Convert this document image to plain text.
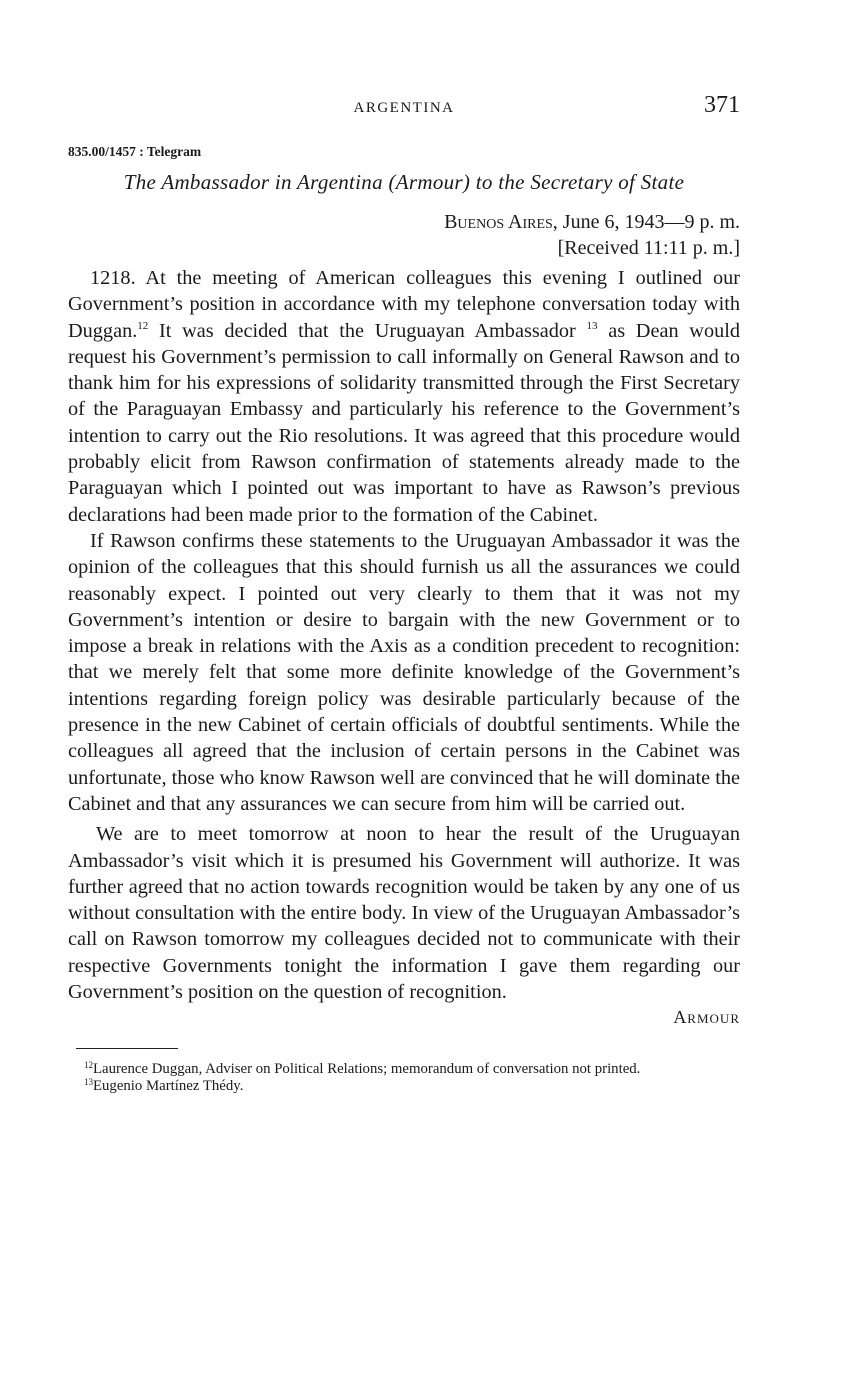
ARGENTINA	371
835.00/1457 : Telegram
The Ambassador in Argentina (Armour) to the Secretary of State
Buenos Aires, June 6, 1943—9 p. m.
[Received 11:11 p. m.]

1218. At the meeting of American colleagues this evening I outlined our Government’s position in accordance with my telephone conversation today with Duggan.$^{12}$ It was decided that the Uruguayan Ambassador $^{13}$ as Dean would request his Government’s permission to call informally on General Rawson and to thank him for his expressions of solidarity transmitted through the First Secretary of the Paraguayan Embassy and particularly his reference to the Government’s intention to carry out the Rio resolutions. It was agreed that this procedure would probably elicit from Rawson confirmation of statements already made to the Paraguayan which I pointed out was important to have as Rawson’s previous declarations had been made prior to the formation of the Cabinet.

If Rawson confirms these statements to the Uruguayan Ambassador it was the opinion of the colleagues that this should furnish us all the assurances we could reasonably expect. I pointed out very clearly to them that it was not my Government’s intention or desire to bargain with the new Government or to impose a break in relations with the Axis as a condition precedent to recognition: that we merely felt that some more definite knowledge of the Government’s intentions regarding foreign policy was desirable particularly because of the presence in the new Cabinet of certain officials of doubtful sentiments. While the colleagues all agreed that the inclusion of certain persons in the Cabinet was unfortunate, those who know Rawson well are convinced that he will dominate the Cabinet and that any assurances we can secure from him will be carried out.

We are to meet tomorrow at noon to hear the result of the Uruguayan Ambassador’s visit which it is presumed his Government will authorize. It was further agreed that no action towards recognition would be taken by any one of us without consultation with the entire body. In view of the Uruguayan Ambassador’s call on Rawson tomorrow my colleagues decided not to communicate with their respective Governments tonight the information I gave them regarding our Government’s position on the question of recognition.

Armour
$^{12}$Laurence Duggan, Adviser on Political Relations; memorandum of conversation not printed.
$^{13}$Eugenio Martínez Thédy.
